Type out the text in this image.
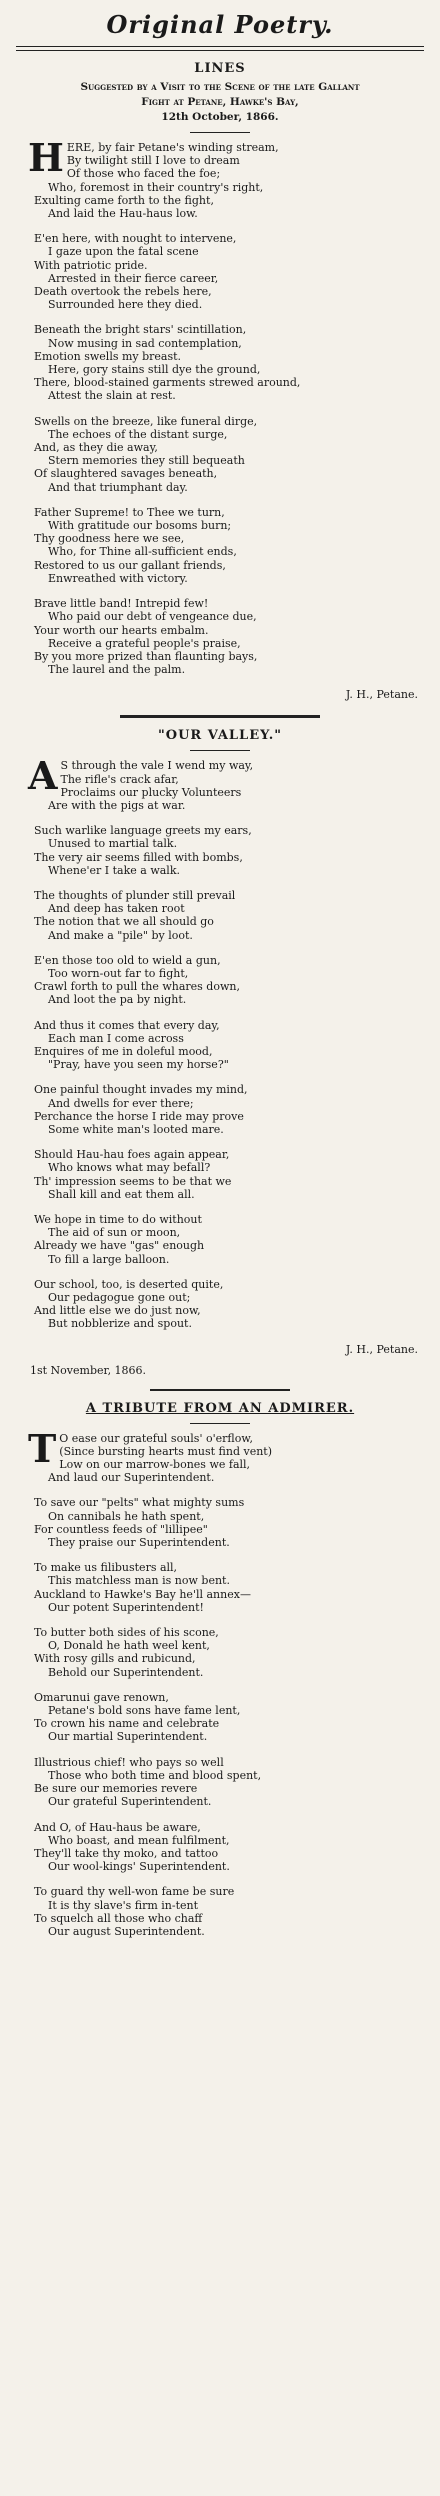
Original Poetry.
LINES
Suggested by a Visit to the Scene of the late Gallant
Fight at Petane, Hawke's Bay,
12th October, 1866.
H ERE, by fair Petane's winding stream,
By twilight still I love to dream
Of those who faced the foe;
Who, foremost in their country's right,
Exulting came forth to the fight,
And laid the Hau-haus low.
E'en here, with nought to intervene,
I gaze upon the fatal scene
With patriotic pride.
Arrested in their fierce career,
Death overtook the rebels here,
Surrounded here they died.
Beneath the bright stars' scintillation,
Now musing in sad contemplation,
Emotion swells my breast.
Here, gory stains still dye the ground,
There, blood-stained garments strewed around,
Attest the slain at rest.
Swells on the breeze, like funeral dirge,
The echoes of the distant surge,
And, as they die away,
Stern memories they still bequeath
Of slaughtered savages beneath,
And that triumphant day.
Father Supreme! to Thee we turn,
With gratitude our bosoms burn;
Thy goodness here we see,
Who, for Thine all-sufficient ends,
Restored to us our gallant friends,
Enwreathed with victory.
Brave little band! Intrepid few!
Who paid our debt of vengeance due,
Your worth our hearts embalm.
Receive a grateful people's praise,
By you more prized than flaunting bays,
The laurel and the palm.
J. H., Petane.
"OUR VALLEY."
A S through the vale I wend my way,
The rifle's crack afar,
Proclaims our plucky Volunteers
Are with the pigs at war.
Such warlike language greets my ears,
Unused to martial talk.
The very air seems filled with bombs,
Whene'er I take a walk.
The thoughts of plunder still prevail
And deep has taken root
The notion that we all should go
And make a "pile" by loot.
E'en those too old to wield a gun,
Too worn-out far to fight,
Crawl forth to pull the whares down,
And loot the pa by night.
And thus it comes that every day,
Each man I come across
Enquires of me in doleful mood,
"Pray, have you seen my horse?"
One painful thought invades my mind,
And dwells for ever there;
Perchance the horse I ride may prove
Some white man's looted mare.
Should Hau-hau foes again appear,
Who knows what may befall?
Th' impression seems to be that we
Shall kill and eat them all.
We hope in time to do without
The aid of sun or moon,
Already we have "gas" enough
To fill a large balloon.
Our school, too, is deserted quite,
Our pedagogue gone out;
And little else we do just now,
But nobblerize and spout.
J. H., Petane.
1st November, 1866.
A TRIBUTE FROM AN ADMIRER.
T O ease our grateful souls' o'erflow,
(Since bursting hearts must find vent)
Low on our marrow-bones we fall,
And laud our Superintendent.
To save our "pelts" what mighty sums
On cannibals he hath spent,
For countless feeds of "lillipee"
They praise our Superintendent.
To make us filibusters all,
This matchless man is now bent.
Auckland to Hawke's Bay he'll annex—
Our potent Superintendent!
To butter both sides of his scone,
O, Donald he hath weel kent,
With rosy gills and rubicund,
Behold our Superintendent.
Omarunui gave renown,
Petane's bold sons have fame lent,
To crown his name and celebrate
Our martial Superintendent.
Illustrious chief! who pays so well
Those who both time and blood spent,
Be sure our memories revere
Our grateful Superintendent.
And O, of Hau-haus be aware,
Who boast, and mean fulfilment,
They'll take thy moko, and tattoo
Our wool-kings' Superintendent.
To guard thy well-won fame be sure
It is thy slave's firm in-tent
To squelch all those who chaff
Our august Superintendent.
